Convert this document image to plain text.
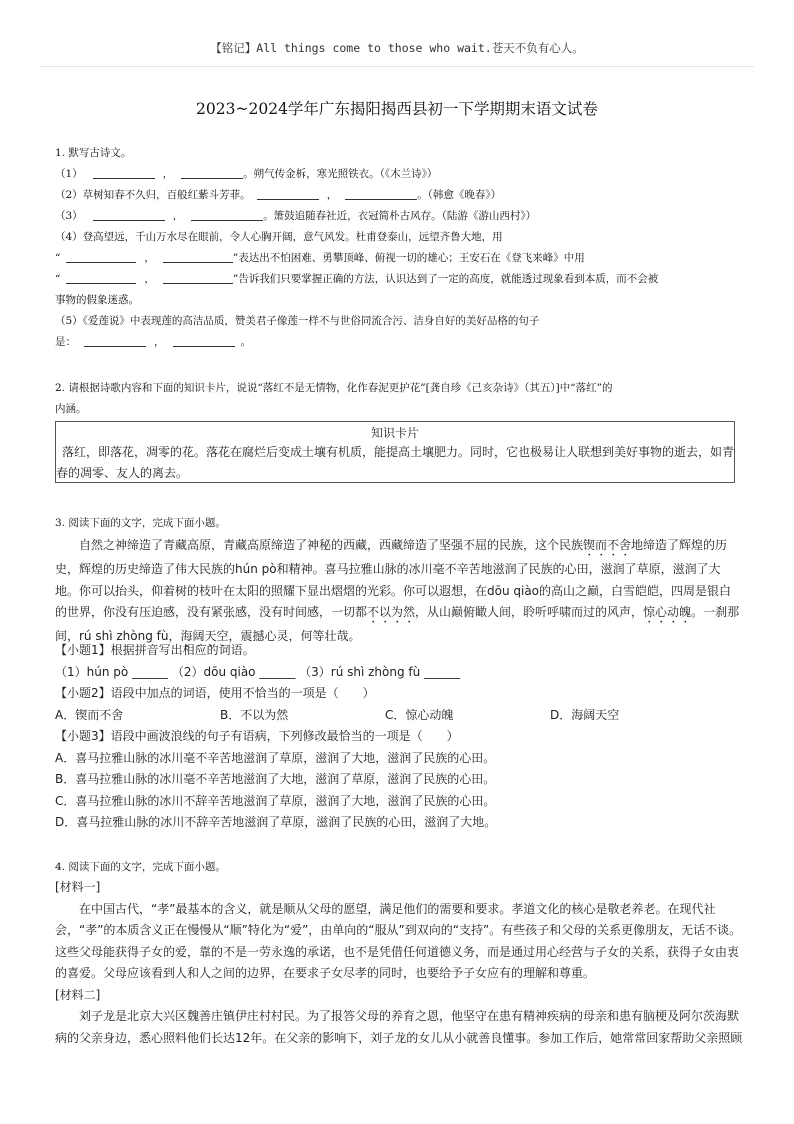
【铭记】All things come to those who wait.苍天不负有心人。
2023~2024学年广东揭阳揭西县初一下学期期末语文试卷
1. 默写古诗文。
（1）	，	。朔气传金柝，寒光照铁衣。（《木兰诗》）
（2）草树知春不久归，百般红紫斗芳菲。	，	。（韩愈《晚春》）
（3）	，	。箫鼓追随春社近，衣冠简朴古风存。（陆游《游山西村》）
（4）登高望远，千山万水尽在眼前，令人心胸开阔，意气风发。杜甫登泰山，远望齐鲁大地，用
“	，	”表达出不怕困难、勇攀顶峰、俯视一切的雄心；王安石在《登飞来峰》中用
“	，	”告诉我们只要掌握正确的方法，认识达到了一定的高度，就能透过现象看到本质，而不会被
事物的假象迷惑。
（5）《爱莲说》中表现莲的高洁品质，赞美君子像莲一样不与世俗同流合污、洁身自好的美好品格的句子
是：	，	。
2. 请根据诗歌内容和下面的知识卡片，说说“落红不是无情物，化作春泥更护花”[龚自珍《己亥杂诗》（其五）]中“落红”的
内涵。
知识卡片
落红，即落花，凋零的花。落花在腐烂后变成土壤有机质，能提高土壤肥力。同时，它也极易让人联想到美好事物的逝去，如青春的凋零、友人的离去。
3. 阅读下面的文字，完成下面小题。
自然之神缔造了青藏高原，青藏高原缔造了神秘的西藏，西藏缔造了坚强不屈的民族，这个民族锲而不舍地缔造了辉煌的历史，辉煌的历史缔造了伟大民族的hún pò和精神。喜马拉雅山脉的冰川毫不辛苦地滋润了民族的心田，滋润了草原，滋润了大地。你可以抬头，仰着树的枝叶在太阳的照耀下显出熠熠的光彩。你可以遐想，在dōu qiào的高山之巅，白雪皑皑，四周是银白的世界，你没有压迫感，没有紧张感，没有时间感，一切都不以为然，从山巅俯瞰人间，聆听呼啸而过的风声，惊心动魄。一刹那间，rú shì zhòng fù，海阔天空，震撼心灵，何等壮哉。
【小题1】根据拼音写出相应的词语。
（1）hún pò ______ （2）dōu qiào ______ （3）rú shì zhòng fù ______
【小题2】语段中加点的词语，使用不恰当的一项是（　　）
A．锲而不舍	B．不以为然	C．惊心动魄	D．海阔天空
【小题3】语段中画波浪线的句子有语病，下列修改最恰当的一项是（　　）
A．喜马拉雅山脉的冰川毫不辛苦地滋润了草原，滋润了大地，滋润了民族的心田。
B．喜马拉雅山脉的冰川毫不辛苦地滋润了大地，滋润了草原，滋润了民族的心田。
C．喜马拉雅山脉的冰川不辞辛苦地滋润了草原，滋润了大地，滋润了民族的心田。
D．喜马拉雅山脉的冰川不辞辛苦地滋润了草原，滋润了民族的心田，滋润了大地。
4. 阅读下面的文字，完成下面小题。
[材料一]
在中国古代，“孝”最基本的含义，就是顺从父母的愿望，满足他们的需要和要求。孝道文化的核心是敬老养老。在现代社会，“孝”的本质含义正在慢慢从“顺”特化为“爱”，由单向的“服从”到双向的“支持”。有些孩子和父母的关系更像朋友，无话不谈。这些父母能获得子女的爱，靠的不是一劳永逸的承诺，也不是凭借任何道德义务，而是通过用心经营与子女的关系，获得子女由衷的喜爱。父母应该看到人和人之间的边界，在要求子女尽孝的同时，也要给予子女应有的理解和尊重。
[材料二]
刘子龙是北京大兴区魏善庄镇伊庄村村民。为了报答父母的养育之恩，他坚守在患有精神疾病的母亲和患有脑梗及阿尔茨海默病的父亲身边，悉心照料他们长达12年。在父亲的影响下，刘子龙的女儿从小就善良懂事。参加工作后，她常常回家帮助父亲照顾
